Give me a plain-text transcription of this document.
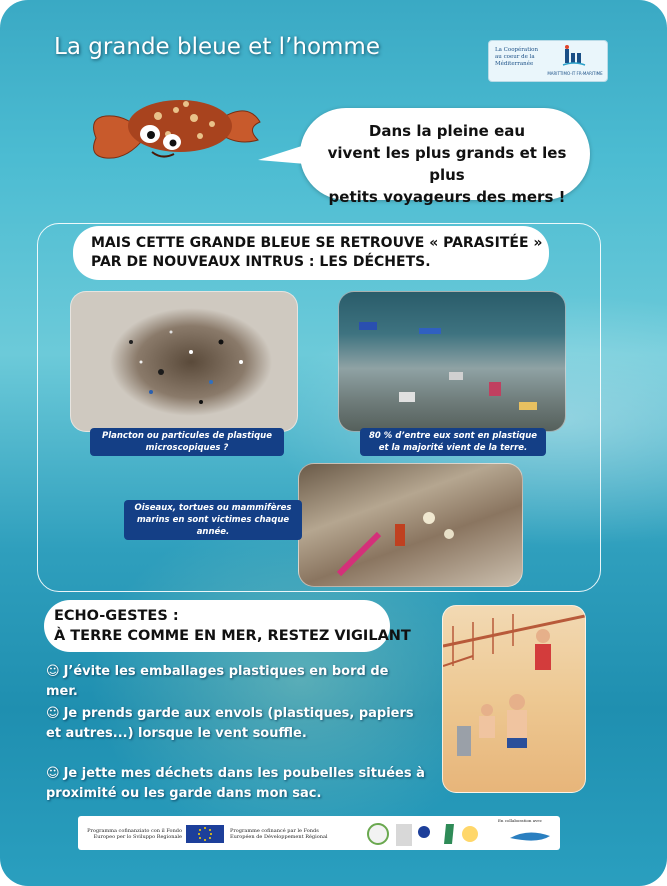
La grande bleue et l’homme	La Coopération au coeur de la Méditerranée
MARITTIMO-IT FR-MARITIME
Dans la pleine eau
vivent les plus grands et les plus
petits voyageurs des mers !
MAIS CETTE GRANDE BLEUE SE RETROUVE « PARASITÉE »
PAR DE NOUVEAUX INTRUS : LES DÉCHETS.
Plancton ou particules de plastique microscopiques ?
80 % d’entre eux sont en plastique et la majorité vient de la terre.
Oiseaux, tortues ou mammifères marins en sont victimes chaque année.
ECHO-GESTES :
À TERRE COMME EN MER, RESTEZ VIGILANT
☺ J’évite les emballages plastiques en bord de mer.
☺ Je prends garde aux envols (plastiques, papiers et autres...) lorsque le vent souffle.
☺ Je jette mes déchets dans les poubelles situées à proximité ou les garde dans mon sac.
Programma cofinanziato con il Fondo Europeo per lo Sviluppo Regionale
Programme cofinancé par le Fonds Européen de Développement Régional
En collaboration avec
